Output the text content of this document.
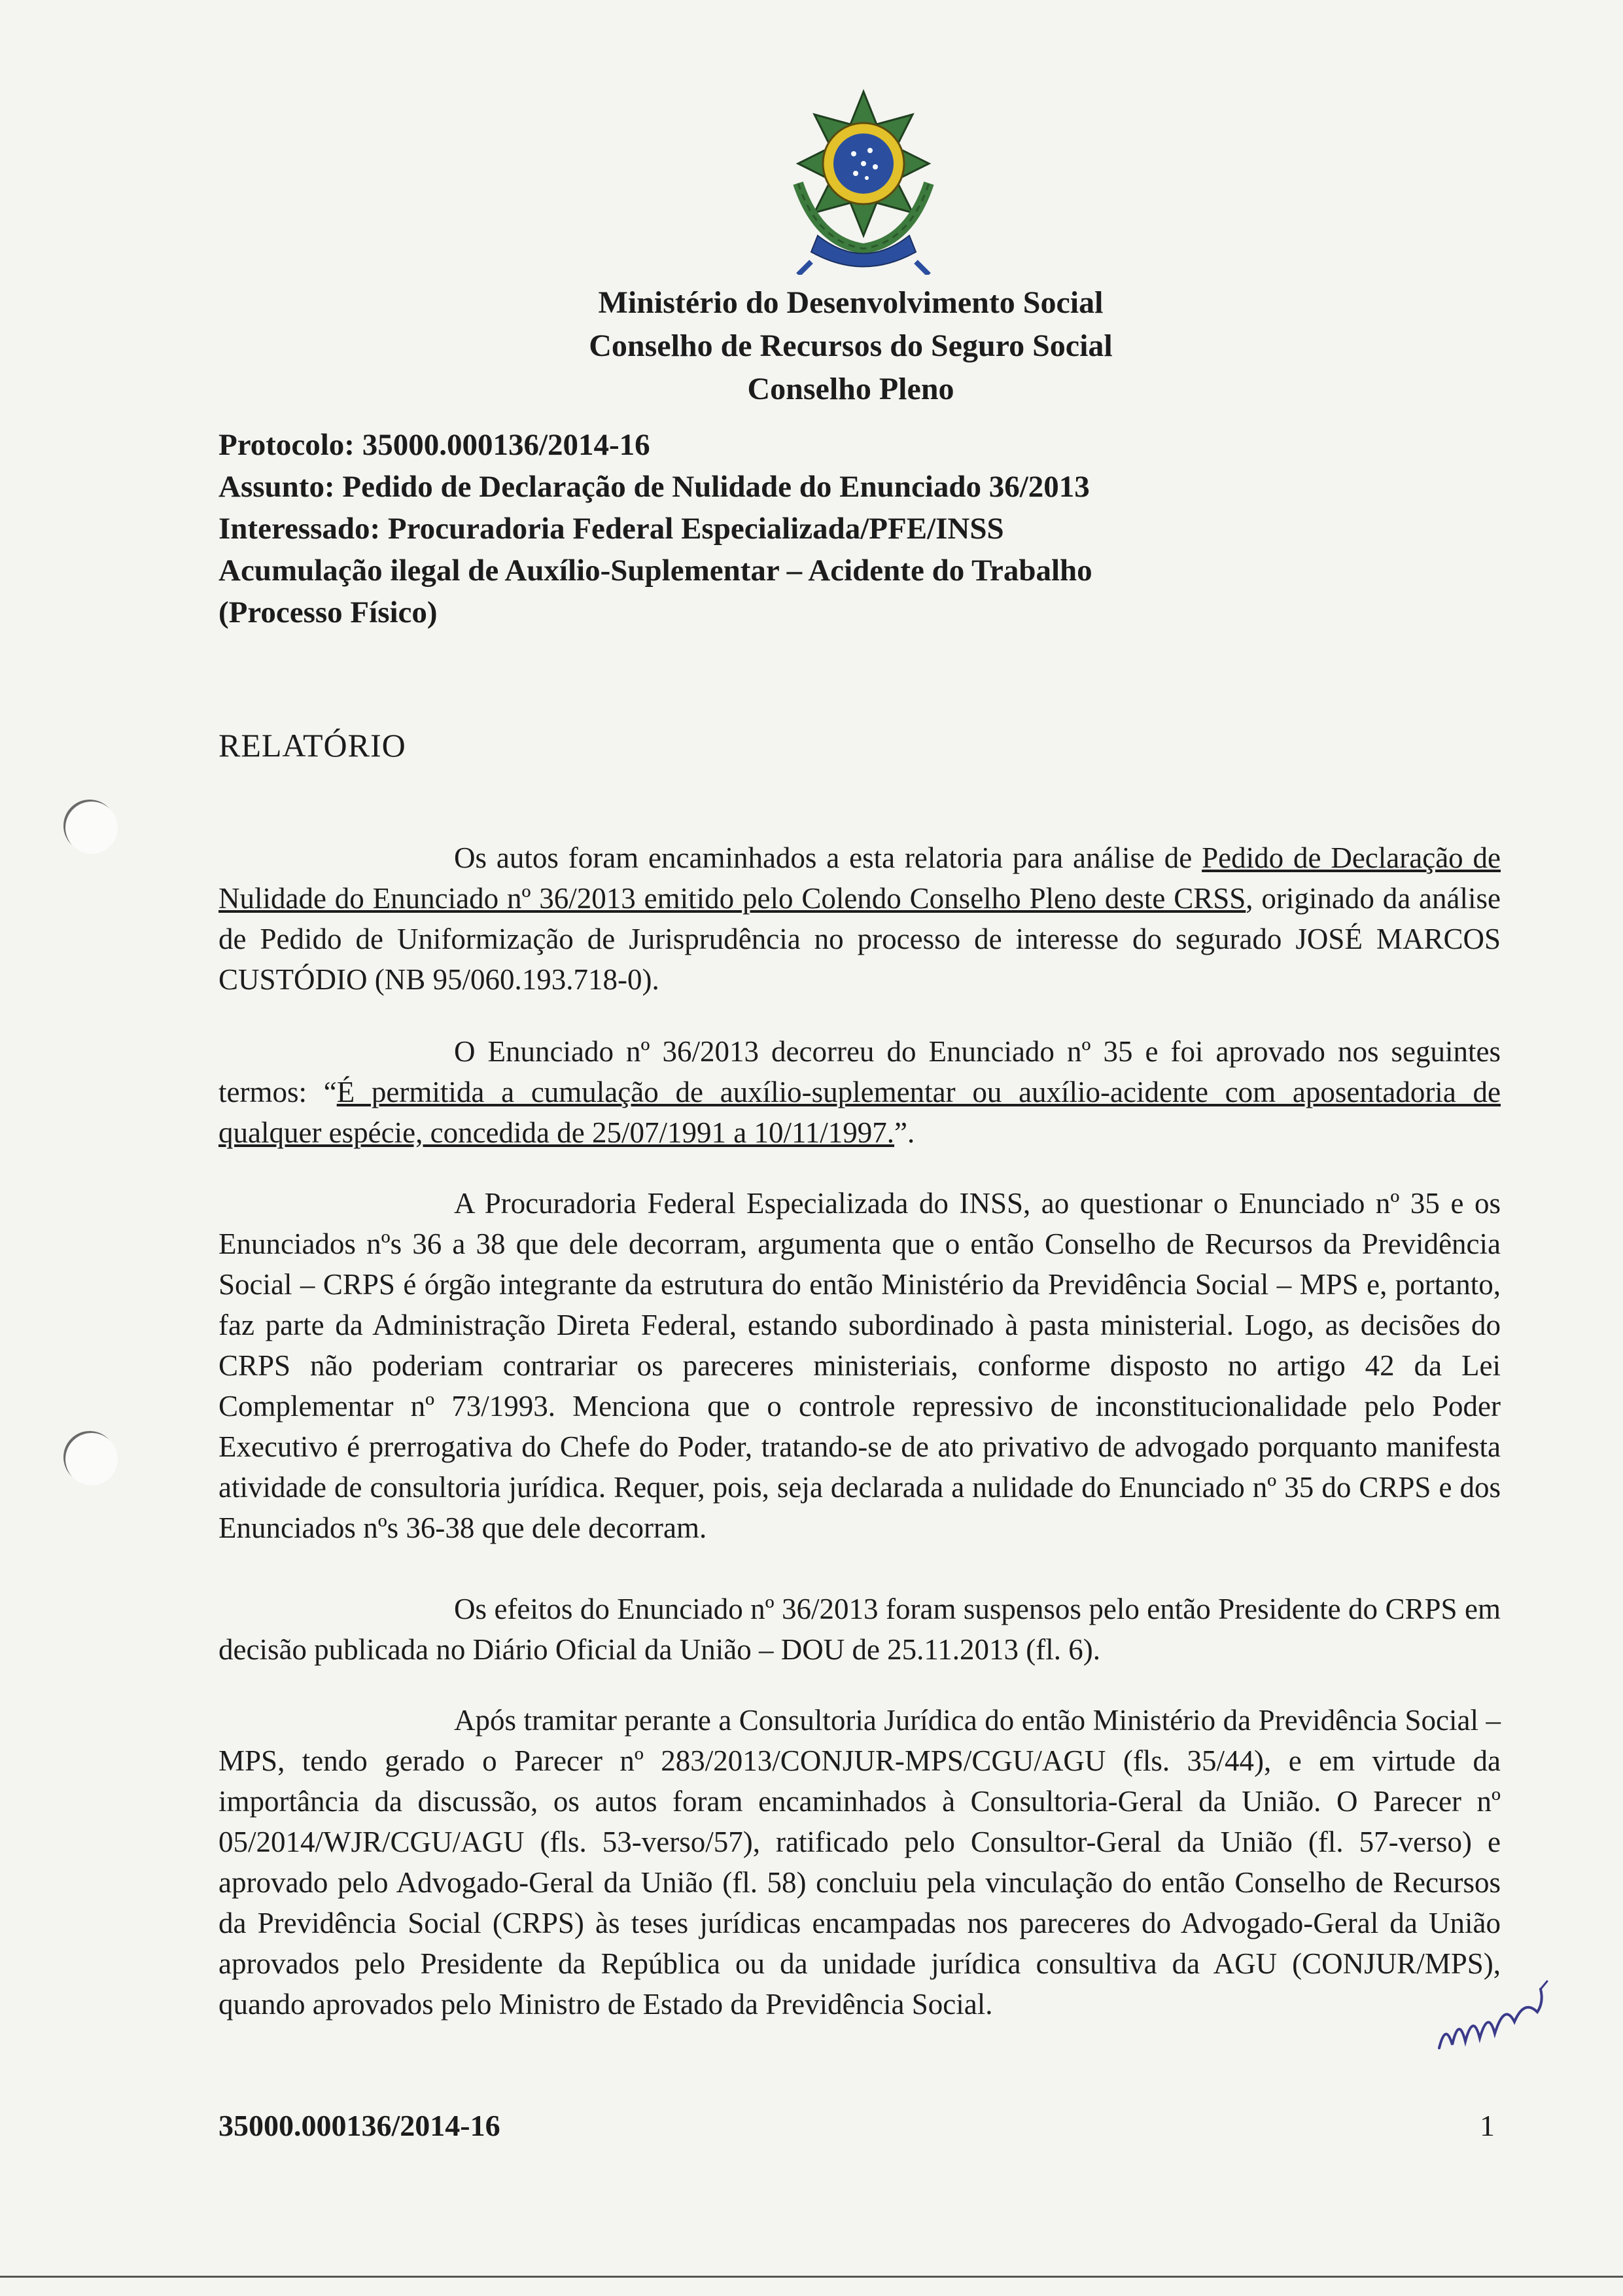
Ministério do Desenvolvimento Social
Conselho de Recursos do Seguro Social
Conselho Pleno
Protocolo: 35000.000136/2014-16
Assunto: Pedido de Declaração de Nulidade do Enunciado 36/2013
Interessado: Procuradoria Federal Especializada/PFE/INSS
Acumulação ilegal de Auxílio-Suplementar – Acidente do Trabalho
(Processo Físico)
RELATÓRIO

Os autos foram encaminhados a esta relatoria para análise de Pedido de Declaração de Nulidade do Enunciado nº 36/2013 emitido pelo Colendo Conselho Pleno deste CRSS, originado da análise de Pedido de Uniformização de Jurisprudência no processo de interesse do segurado JOSÉ MARCOS CUSTÓDIO (NB 95/060.193.718-0).

O Enunciado nº 36/2013 decorreu do Enunciado nº 35 e foi aprovado nos seguintes termos: “É permitida a cumulação de auxílio-suplementar ou auxílio-acidente com aposentadoria de qualquer espécie, concedida de 25/07/1991 a 10/11/1997.”.

A Procuradoria Federal Especializada do INSS, ao questionar o Enunciado nº 35 e os Enunciados nºs 36 a 38 que dele decorram, argumenta que o então Conselho de Recursos da Previdência Social – CRPS é órgão integrante da estrutura do então Ministério da Previdência Social – MPS e, portanto, faz parte da Administração Direta Federal, estando subordinado à pasta ministerial. Logo, as decisões do CRPS não poderiam contrariar os pareceres ministeriais, conforme disposto no artigo 42 da Lei Complementar nº 73/1993. Menciona que o controle repressivo de inconstitucionalidade pelo Poder Executivo é prerrogativa do Chefe do Poder, tratando-se de ato privativo de advogado porquanto manifesta atividade de consultoria jurídica. Requer, pois, seja declarada a nulidade do Enunciado nº 35 do CRPS e dos Enunciados nºs 36-38 que dele decorram.

Os efeitos do Enunciado nº 36/2013 foram suspensos pelo então Presidente do CRPS em decisão publicada no Diário Oficial da União – DOU de 25.11.2013 (fl. 6).

Após tramitar perante a Consultoria Jurídica do então Ministério da Previdência Social – MPS, tendo gerado o Parecer nº 283/2013/CONJUR-MPS/CGU/AGU (fls. 35/44), e em virtude da importância da discussão, os autos foram encaminhados à Consultoria-Geral da União. O Parecer nº 05/2014/WJR/CGU/AGU (fls. 53-verso/57), ratificado pelo Consultor-Geral da União (fl. 57-verso) e aprovado pelo Advogado-Geral da União (fl. 58) concluiu pela vinculação do então Conselho de Recursos da Previdência Social (CRPS) às teses jurídicas encampadas nos pareceres do Advogado-Geral da União aprovados pelo Presidente da República ou da unidade jurídica consultiva da AGU (CONJUR/MPS), quando aprovados pelo Ministro de Estado da Previdência Social.

35000.000136/2014-16	1
